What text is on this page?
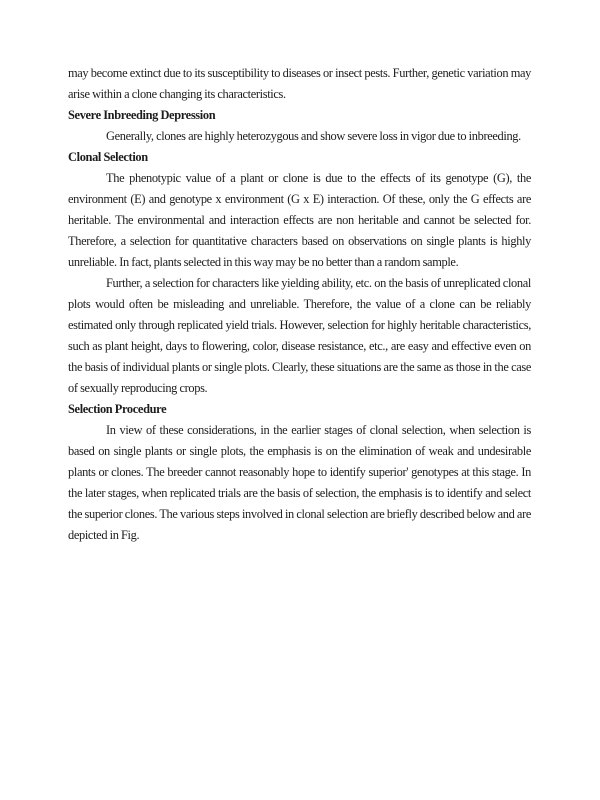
may become extinct due to its susceptibility to diseases or insect pests. Further, genetic variation may arise within a clone changing its characteristics.

Severe Inbreeding Depression

Generally, clones are highly heterozygous and show severe loss in vigor due to inbreeding.

Clonal Selection

The phenotypic value of a plant or clone is due to the effects of its genotype (G), the environment (E) and genotype x environment (G x E) interaction. Of these, only the G effects are heritable. The environmental and interaction effects are non heritable and cannot be selected for. Therefore, a selection for quantitative characters based on observations on single plants is highly unreliable. In fact, plants selected in this way may be no better than a random sample.

Further, a selection for characters like yielding ability, etc. on the basis of unreplicated clonal plots would often be misleading and unreliable. Therefore, the value of a clone can be reliably estimated only through replicated yield trials. However, selection for highly heritable characteristics, such as plant height, days to flowering, color, disease resistance, etc., are easy and effective even on the basis of individual plants or single plots. Clearly, these situations are the same as those in the case of sexually reproducing crops.

Selection Procedure

In view of these considerations, in the earlier stages of clonal selection, when selection is based on single plants or single plots, the emphasis is on the elimination of weak and undesirable plants or clones. The breeder cannot reasonably hope to identify superior' genotypes at this stage. In the later stages, when replicated trials are the basis of selection, the emphasis is to identify and select the superior clones. The various steps involved in clonal selection are briefly described below and are depicted in Fig.
